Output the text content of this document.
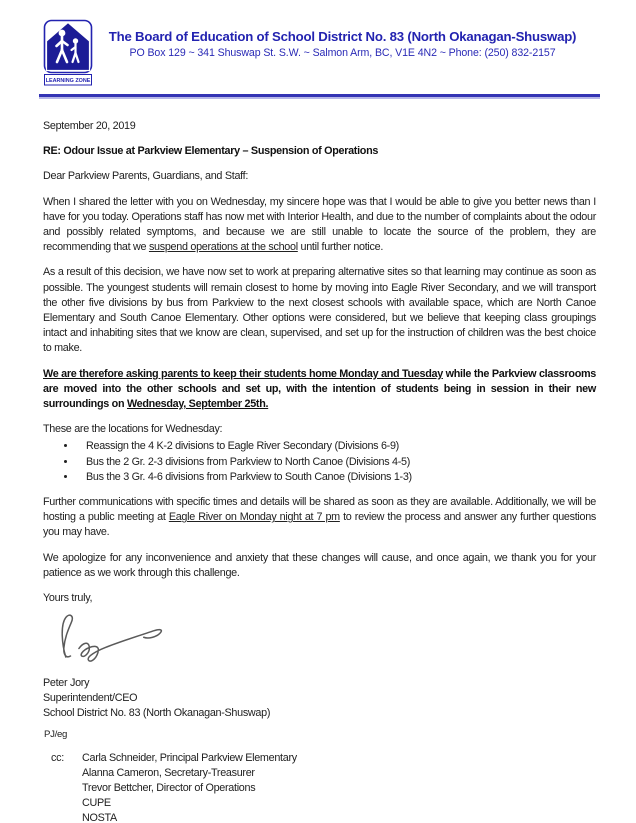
LEARNING ZONE
The Board of Education of School District No. 83 (North Okanagan-Shuswap)
PO Box 129 ~ 341 Shuswap St. S.W. ~ Salmon Arm, BC, V1E 4N2 ~ Phone: (250) 832-2157

September 20, 2019

RE: Odour Issue at Parkview Elementary – Suspension of Operations

Dear Parkview Parents, Guardians, and Staff:

When I shared the letter with you on Wednesday, my sincere hope was that I would be able to give you better news than I have for you today. Operations staff has now met with Interior Health, and due to the number of complaints about the odour and possibly related symptoms, and because we are still unable to locate the source of the problem, they are recommending that we suspend operations at the school until further notice.

As a result of this decision, we have now set to work at preparing alternative sites so that learning may continue as soon as possible. The youngest students will remain closest to home by moving into Eagle River Secondary, and we will transport the other five divisions by bus from Parkview to the next closest schools with available space, which are North Canoe Elementary and South Canoe Elementary. Other options were considered, but we believe that keeping class groupings intact and inhabiting sites that we know are clean, supervised, and set up for the instruction of children was the best choice to make.

We are therefore asking parents to keep their students home Monday and Tuesday while the Parkview classrooms are moved into the other schools and set up, with the intention of students being in session in their new surroundings on Wednesday, September 25th.

These are the locations for Wednesday:

• Reassign the 4 K-2 divisions to Eagle River Secondary (Divisions 6-9)
• Bus the 2 Gr. 2-3 divisions from Parkview to North Canoe (Divisions 4-5)
• Bus the 3 Gr. 4-6 divisions from Parkview to South Canoe (Divisions 1-3)

Further communications with specific times and details will be shared as soon as they are available. Additionally, we will be hosting a public meeting at Eagle River on Monday night at 7 pm to review the process and answer any further questions you may have.

We apologize for any inconvenience and anxiety that these changes will cause, and once again, we thank you for your patience as we work through this challenge.

Yours truly,

Peter Jory
Superintendent/CEO
School District No. 83 (North Okanagan-Shuswap)
PJ/eg
cc:	Carla Schneider, Principal Parkview Elementary
Alanna Cameron, Secretary-Treasurer
Trevor Bettcher, Director of Operations
CUPE
NOSTA
